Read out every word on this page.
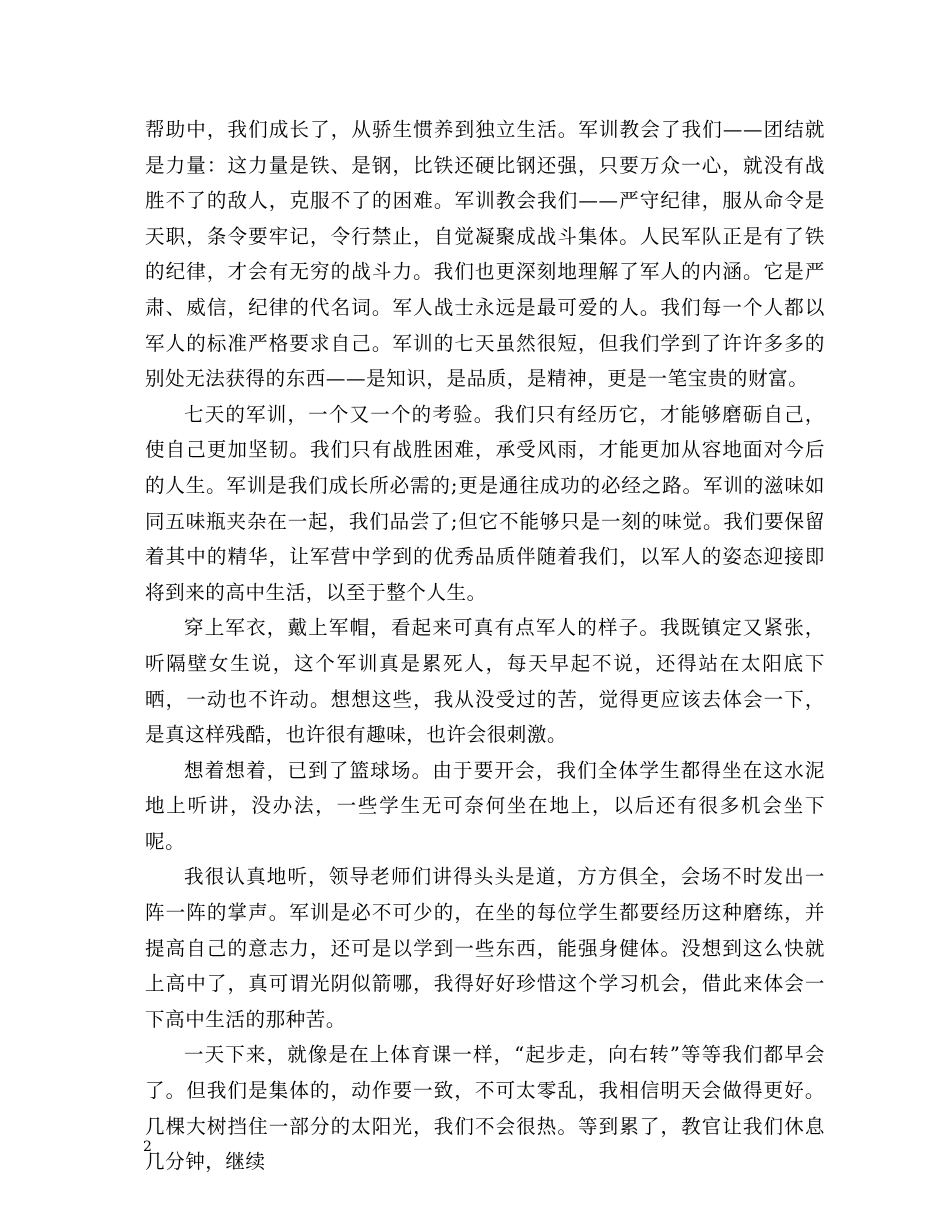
帮助中，我们成长了，从骄生惯养到独立生活。军训教会了我们——团结就是力量：这力量是铁、是钢，比铁还硬比钢还强，只要万众一心，就没有战胜不了的敌人，克服不了的困难。军训教会我们——严守纪律，服从命令是天职，条令要牢记，令行禁止，自觉凝聚成战斗集体。人民军队正是有了铁的纪律，才会有无穷的战斗力。我们也更深刻地理解了军人的内涵。它是严肃、威信，纪律的代名词。军人战士永远是最可爱的人。我们每一个人都以军人的标准严格要求自己。军训的七天虽然很短，但我们学到了许许多多的别处无法获得的东西——是知识，是品质，是精神，更是一笔宝贵的财富。

七天的军训，一个又一个的考验。我们只有经历它，才能够磨砺自己，使自己更加坚韧。我们只有战胜困难，承受风雨，才能更加从容地面对今后的人生。军训是我们成长所必需的;更是通往成功的必经之路。军训的滋味如同五味瓶夹杂在一起，我们品尝了;但它不能够只是一刻的味觉。我们要保留着其中的精华，让军营中学到的优秀品质伴随着我们，以军人的姿态迎接即将到来的高中生活，以至于整个人生。

穿上军衣，戴上军帽，看起来可真有点军人的样子。我既镇定又紧张，听隔壁女生说，这个军训真是累死人，每天早起不说，还得站在太阳底下晒，一动也不许动。想想这些，我从没受过的苦，觉得更应该去体会一下，是真这样残酷，也许很有趣味，也许会很刺激。

想着想着，已到了篮球场。由于要开会，我们全体学生都得坐在这水泥地上听讲，没办法，一些学生无可奈何坐在地上，以后还有很多机会坐下呢。

我很认真地听，领导老师们讲得头头是道，方方俱全，会场不时发出一阵一阵的掌声。军训是必不可少的，在坐的每位学生都要经历这种磨练，并提高自己的意志力，还可是以学到一些东西，能强身健体。没想到这么快就上高中了，真可谓光阴似箭哪，我得好好珍惜这个学习机会，借此来体会一下高中生活的那种苦。

一天下来，就像是在上体育课一样，“起步走，向右转”等等我们都早会了。但我们是集体的，动作要一致，不可太零乱，我相信明天会做得更好。几棵大树挡住一部分的太阳光，我们不会很热。等到累了，教官让我们休息几分钟，继续

2
